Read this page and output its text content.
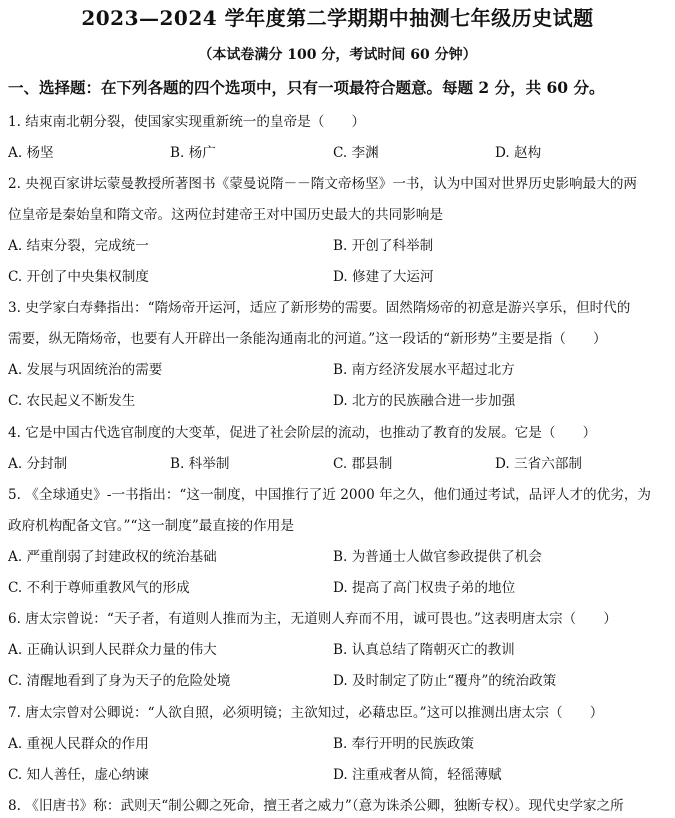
2023—2024 学年度第二学期期中抽测七年级历史试题
（本试卷满分 100 分，考试时间 60 分钟）
一、选择题：在下列各题的四个选项中，只有一项最符合题意。每题 2 分，共 60 分。
1. 结束南北朝分裂，使国家实现重新统一的皇帝是（　　）
A. 杨坚	B. 杨广	C. 李渊	D. 赵构
2. 央视百家讲坛蒙曼教授所著图书《蒙曼说隋－－隋文帝杨坚》一书，认为中国对世界历史影响最大的两
位皇帝是秦始皇和隋文帝。这两位封建帝王对中国历史最大的共同影响是
A. 结束分裂，完成统一	B. 开创了科举制
C. 开创了中央集权制度	D. 修建了大运河
3. 史学家白寿彝指出：“隋炀帝开运河，适应了新形势的需要。固然隋炀帝的初意是游兴享乐，但时代的
需要，纵无隋炀帝，也要有人开辟出一条能沟通南北的河道。”这一段话的“新形势”主要是指（　　）
A. 发展与巩固统治的需要	B. 南方经济发展水平超过北方
C. 农民起义不断发生	D. 北方的民族融合进一步加强
4. 它是中国古代选官制度的大变革，促进了社会阶层的流动，也推动了教育的发展。它是（　　）
A. 分封制	B. 科举制	C. 郡县制	D. 三省六部制
5. 《全球通史》-一书指出：“这一制度，中国推行了近 2000 年之久，他们通过考试，品评人才的优劣，为
政府机构配备文官。”“这一制度”最直接的作用是
A. 严重削弱了封建政权的统治基础	B. 为普通士人做官参政提供了机会
C. 不利于尊师重教风气的形成	D. 提高了高门权贵子弟的地位
6. 唐太宗曾说：“天子者，有道则人推而为主，无道则人弃而不用，诚可畏也。”这表明唐太宗（　　）
A. 正确认识到人民群众力量的伟大	B. 认真总结了隋朝灭亡的教训
C. 清醒地看到了身为天子的危险处境	D. 及时制定了防止“覆舟”的统治政策
7. 唐太宗曾对公卿说：“人欲自照，必须明镜；主欲知过，必藉忠臣。”这可以推测出唐太宗（　　）
A. 重视人民群众的作用	B. 奉行开明的民族政策
C. 知人善任，虚心纳谏	D. 注重戒奢从简，轻徭薄赋
8. 《旧唐书》称：武则天“制公卿之死命，擅王者之威力”（意为诛杀公卿，独断专权）。现代史学家之所
